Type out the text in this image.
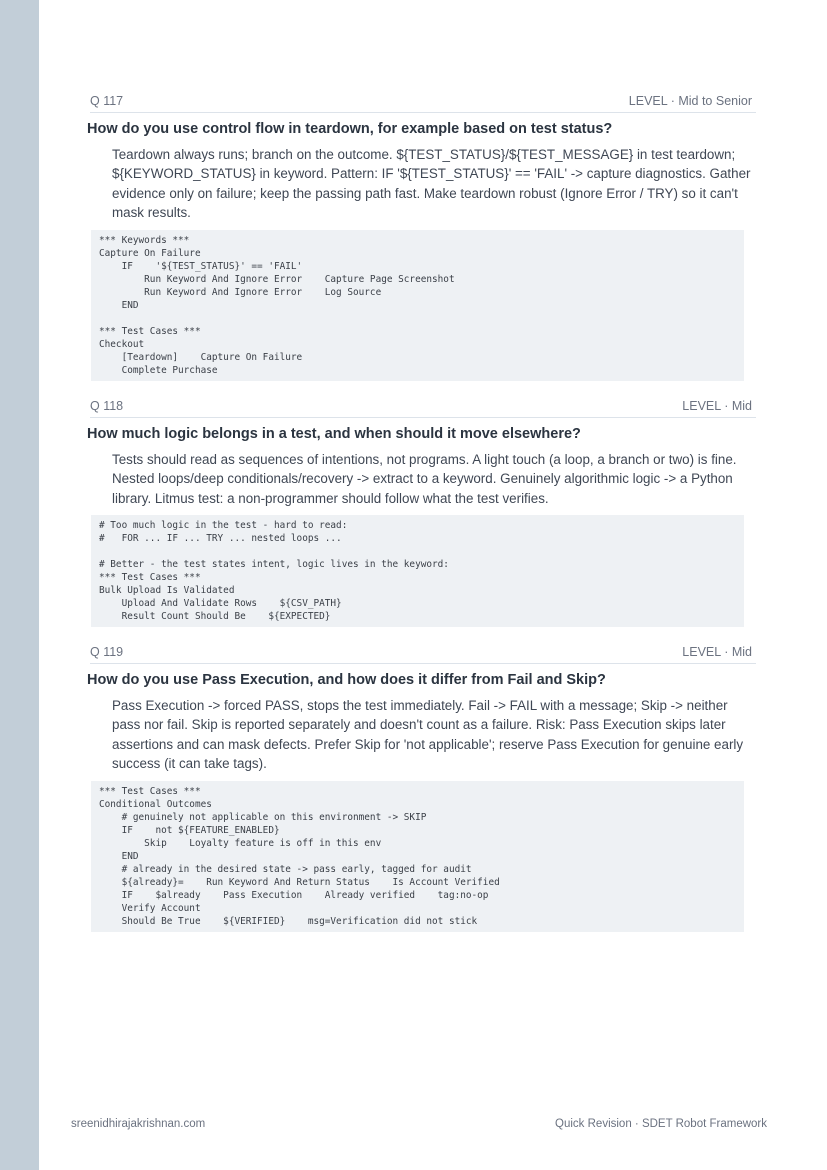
Q 117	LEVEL · Mid to Senior
How do you use control flow in teardown, for example based on test status?
Teardown always runs; branch on the outcome. ${TEST_STATUS}/${TEST_MESSAGE} in test teardown; ${KEYWORD_STATUS} in keyword. Pattern: IF '${TEST_STATUS}' == 'FAIL' -> capture diagnostics. Gather evidence only on failure; keep the passing path fast. Make teardown robust (Ignore Error / TRY) so it can't mask results.
*** Keywords ***
Capture On Failure
IF    '${TEST_STATUS}' == 'FAIL'
Run Keyword And Ignore Error    Capture Page Screenshot
Run Keyword And Ignore Error    Log Source
END

*** Test Cases ***
Checkout
[Teardown]    Capture On Failure
Complete Purchase
Q 118	LEVEL · Mid
How much logic belongs in a test, and when should it move elsewhere?
Tests should read as sequences of intentions, not programs. A light touch (a loop, a branch or two) is fine. Nested loops/deep conditionals/recovery -> extract to a keyword. Genuinely algorithmic logic -> a Python library. Litmus test: a non-programmer should follow what the test verifies.
# Too much logic in the test - hard to read:
#   FOR ... IF ... TRY ... nested loops ...

# Better - the test states intent, logic lives in the keyword:
*** Test Cases ***
Bulk Upload Is Validated
Upload And Validate Rows    ${CSV_PATH}
Result Count Should Be    ${EXPECTED}
Q 119	LEVEL · Mid
How do you use Pass Execution, and how does it differ from Fail and Skip?
Pass Execution -> forced PASS, stops the test immediately. Fail -> FAIL with a message; Skip -> neither pass nor fail. Skip is reported separately and doesn't count as a failure. Risk: Pass Execution skips later assertions and can mask defects. Prefer Skip for 'not applicable'; reserve Pass Execution for genuine early success (it can take tags).
*** Test Cases ***
Conditional Outcomes
# genuinely not applicable on this environment -> SKIP
IF    not ${FEATURE_ENABLED}
Skip    Loyalty feature is off in this env
END
# already in the desired state -> pass early, tagged for audit
${already}=    Run Keyword And Return Status    Is Account Verified
IF    $already    Pass Execution    Already verified    tag:no-op
Verify Account
Should Be True    ${VERIFIED}    msg=Verification did not stick
sreenidhirajakrishnan.com	Quick Revision · SDET Robot Framework
